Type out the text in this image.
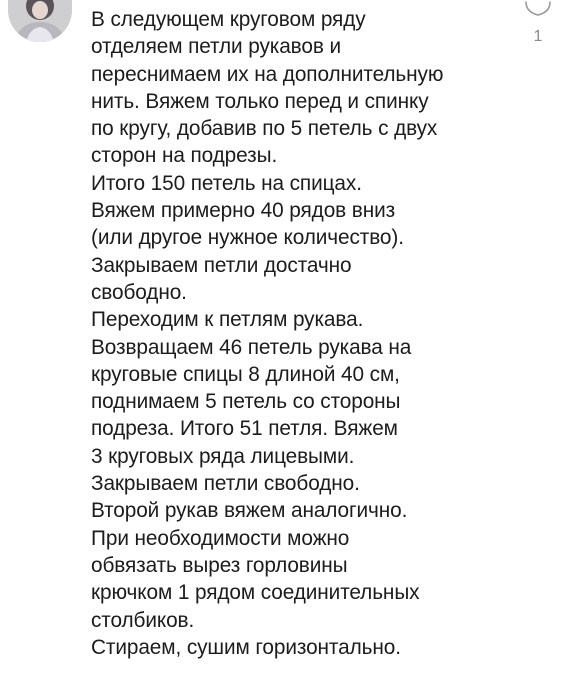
В следующем круговом ряду
отделяем петли рукавов и
переснимаем их на дополнительную
нить. Вяжем только перед и спинку
по кругу, добавив по 5 петель с двух
сторон на подрезы.
Итого 150 петель на спицах.
Вяжем примерно 40 рядов вниз
(или другое нужное количество).
Закрываем петли достачно
свободно.
Переходим к петлям рукава.
Возвращаем 46 петель рукава на
круговые спицы 8 длиной 40 см,
поднимаем 5 петель со стороны
подреза. Итого 51 петля. Вяжем
3 круговых ряда лицевыми.
Закрываем петли свободно.
Второй рукав вяжем аналогично.
При необходимости можно
обвязать вырез горловины
крючком 1 рядом соединительных
столбиков.
Стираем, сушим горизонтально.

1
